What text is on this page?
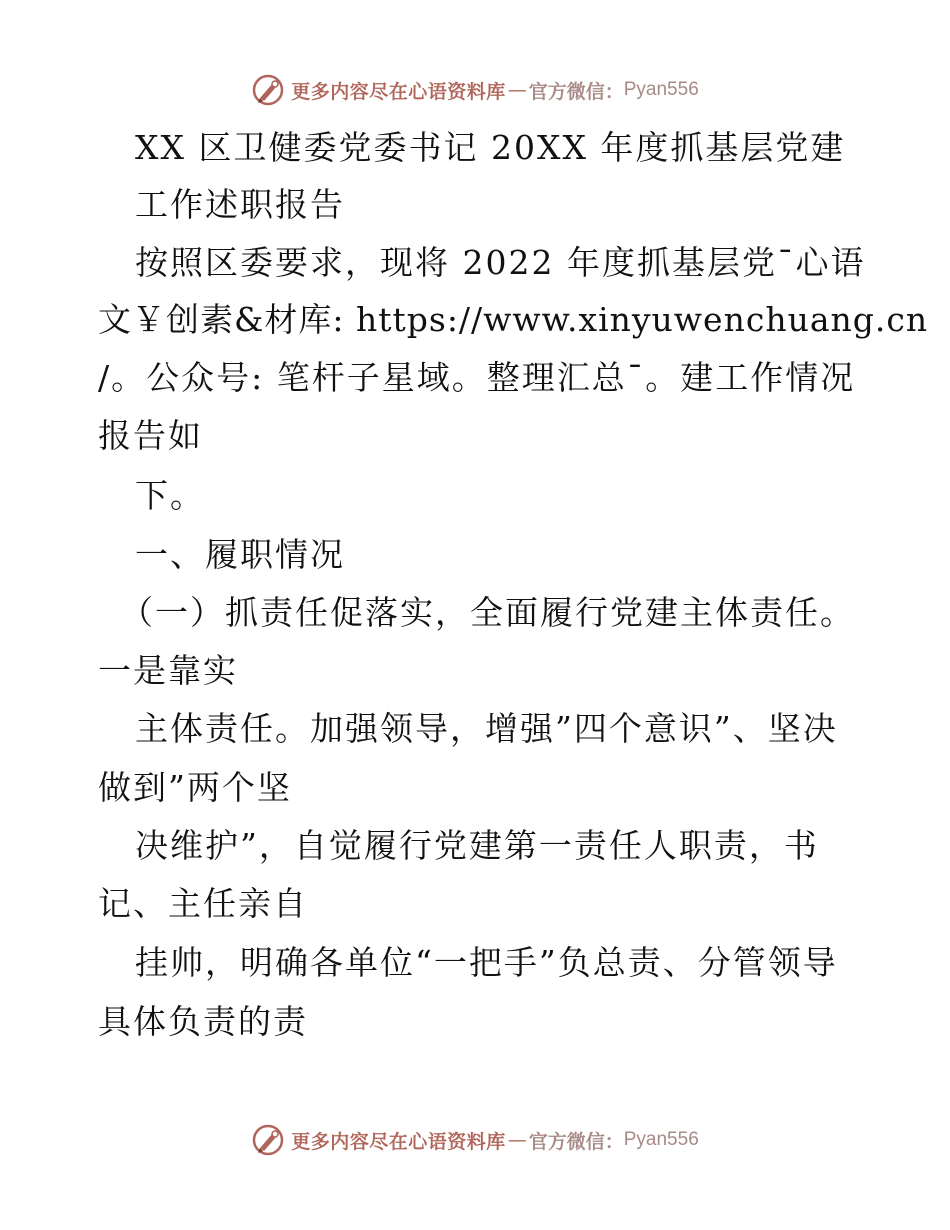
更多内容尽在心语资料库 — 官方微信： Pyan556
XX 区卫健委党委书记 20XX 年度抓基层党建
工作述职报告
按照区委要求，现将 2022 年度抓基层党¯心语
文￥创素&材库: https://www.xinyuwenchuang.cn
/。公众号: 笔杆子星域。整理汇总¯。建工作情况
报告如
下。
一、履职情况
（一）抓责任促落实，全面履行党建主体责任。
一是靠实
主体责任。加强领导，增强”四个意识”、坚决
做到”两个坚
决维护”，自觉履行党建第一责任人职责，书
记、主任亲自
挂帅，明确各单位“一把手”负总责、分管领导
具体负责的责
更多内容尽在心语资料库 — 官方微信： Pyan556
